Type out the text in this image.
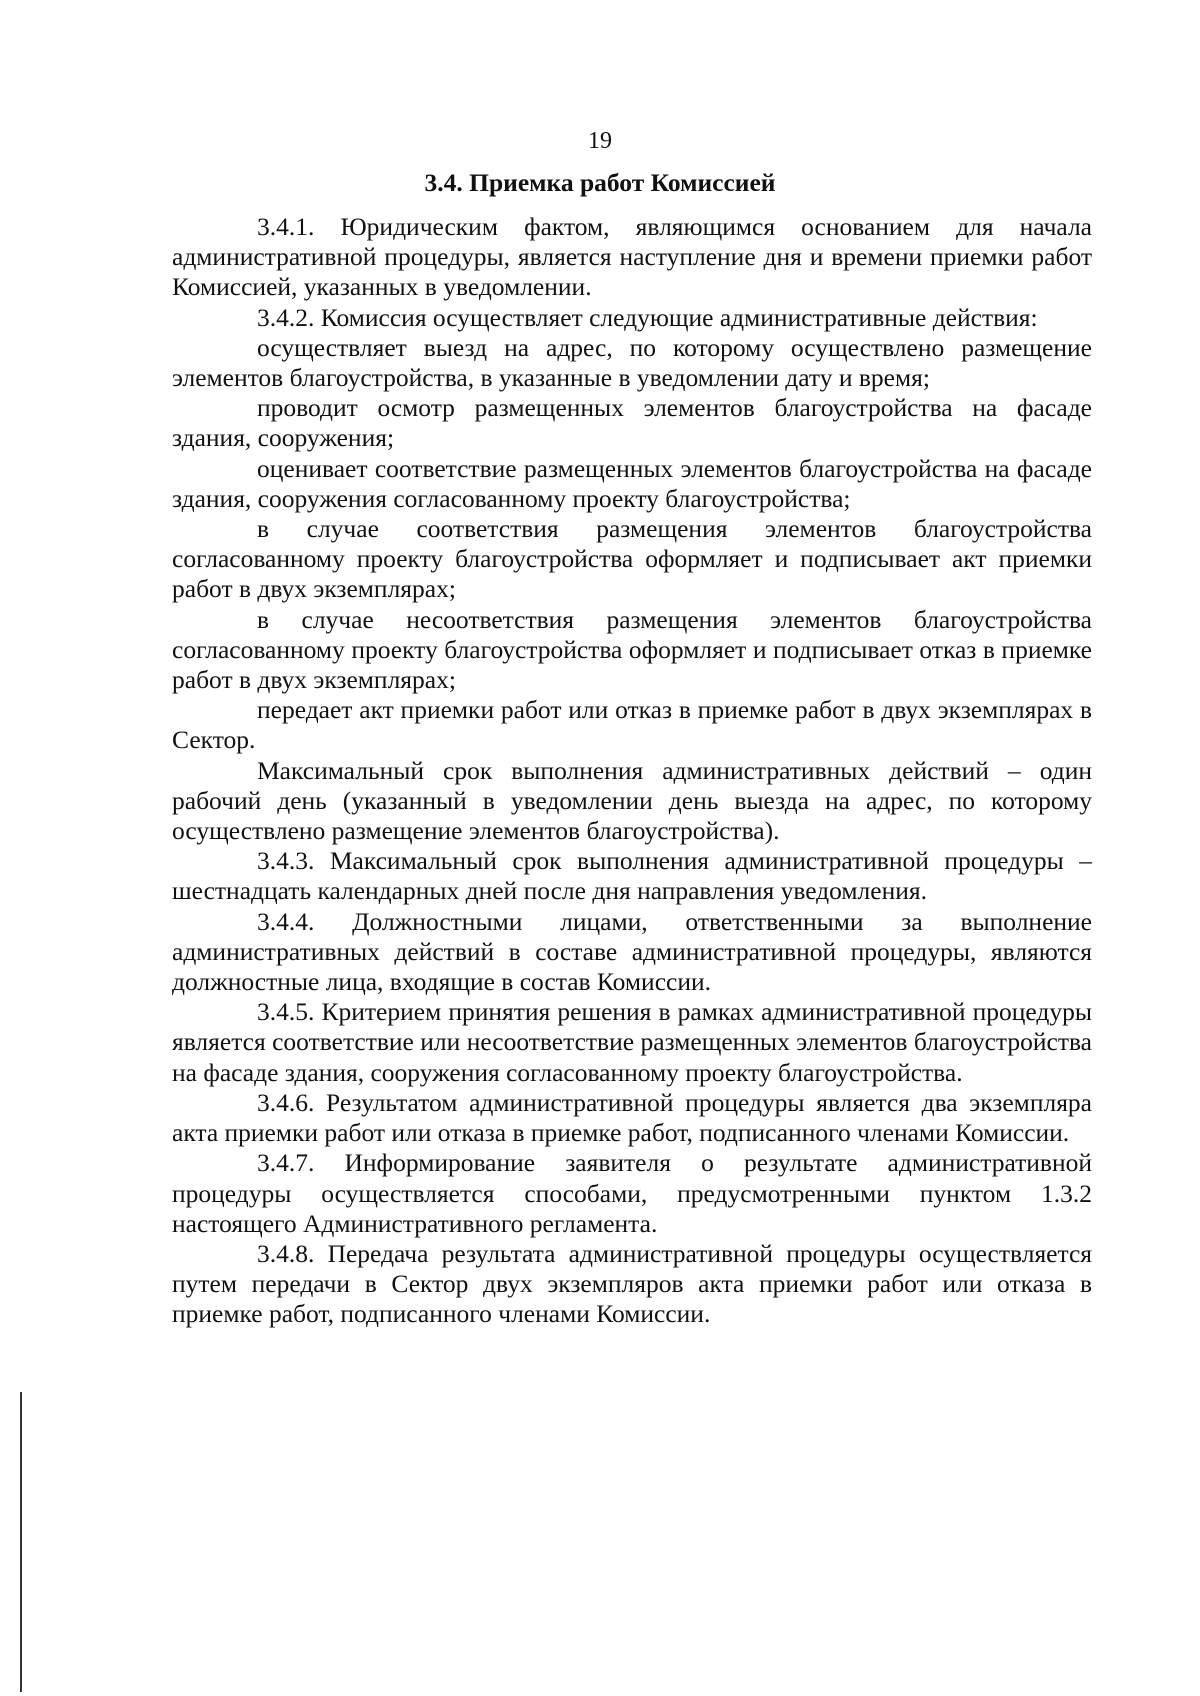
19
3.4. Приемка работ Комиссией

3.4.1. Юридическим фактом, являющимся основанием для начала административной процедуры, является наступление дня и времени приемки работ Комиссией, указанных в уведомлении.

3.4.2. Комиссия осуществляет следующие административные действия:

осуществляет выезд на адрес, по которому осуществлено размещение элементов благоустройства, в указанные в уведомлении дату и время;

проводит осмотр размещенных элементов благоустройства на фасаде здания, сооружения;

оценивает соответствие размещенных элементов благоустройства на фасаде здания, сооружения согласованному проекту благоустройства;

в случае соответствия размещения элементов благоустройства согласованному проекту благоустройства оформляет и подписывает акт приемки работ в двух экземплярах;

в случае несоответствия размещения элементов благоустройства согласованному проекту благоустройства оформляет и подписывает отказ в приемке работ в двух экземплярах;

передает акт приемки работ или отказ в приемке работ в двух экземплярах в Сектор.

Максимальный срок выполнения административных действий – один рабочий день (указанный в уведомлении день выезда на адрес, по которому осуществлено размещение элементов благоустройства).

3.4.3. Максимальный срок выполнения административной процедуры – шестнадцать календарных дней после дня направления уведомления.

3.4.4. Должностными лицами, ответственными за выполнение административных действий в составе административной процедуры, являются должностные лица, входящие в состав Комиссии.

3.4.5. Критерием принятия решения в рамках административной процедуры является соответствие или несоответствие размещенных элементов благоустройства на фасаде здания, сооружения согласованному проекту благоустройства.

3.4.6. Результатом административной процедуры является два экземпляра акта приемки работ или отказа в приемке работ, подписанного членами Комиссии.

3.4.7. Информирование заявителя о результате административной процедуры осуществляется способами, предусмотренными пунктом 1.3.2 настоящего Административного регламента.

3.4.8. Передача результата административной процедуры осуществляется путем передачи в Сектор двух экземпляров акта приемки работ или отказа в приемке работ, подписанного членами Комиссии.
